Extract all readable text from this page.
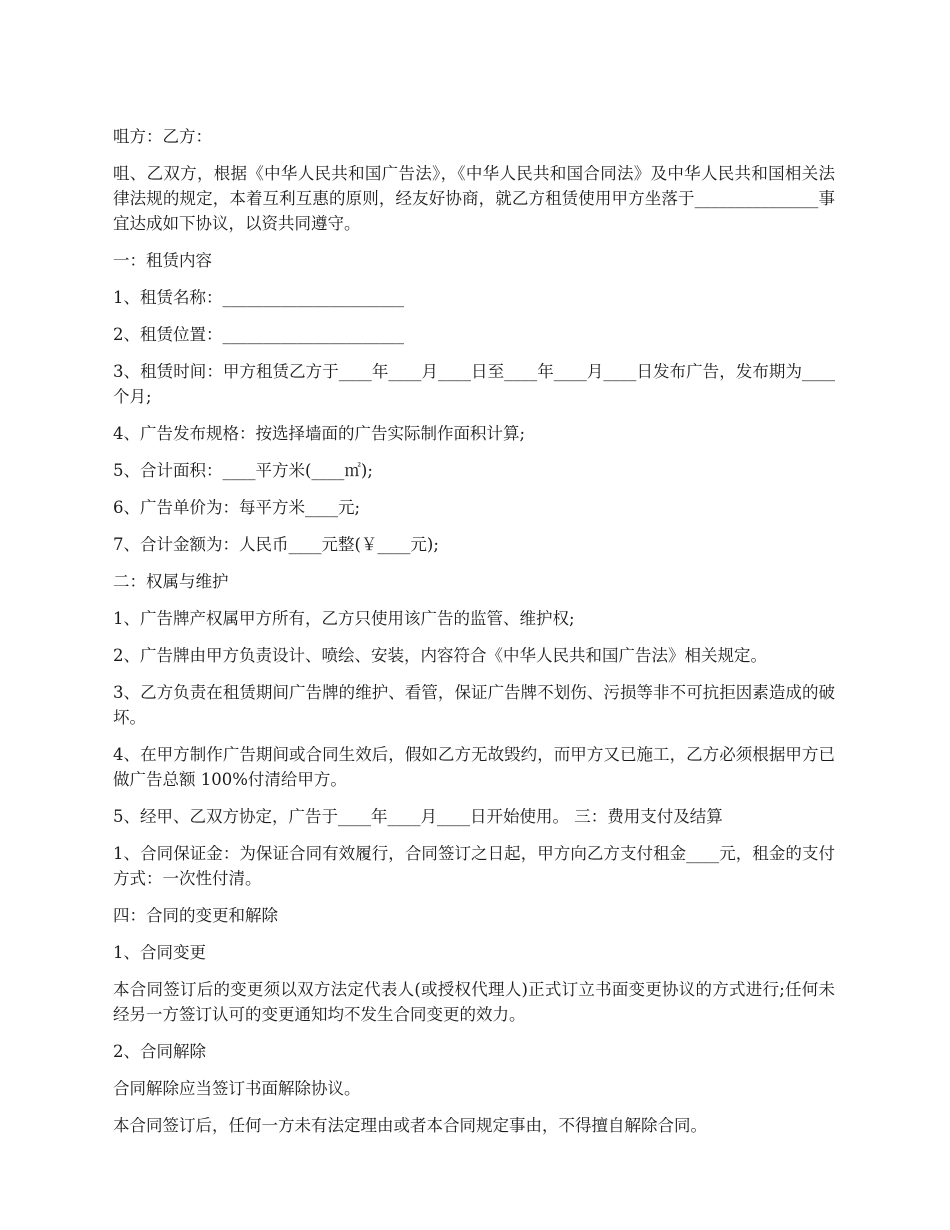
咀方：乙方：

咀、乙双方，根据《中华人民共和国广告法》，《中华人民共和国合同法》及中华人民共和国相关法律法规的规定，本着互利互惠的原则，经友好协商，就乙方租赁使用甲方坐落于_______________事宜达成如下协议，以资共同遵守。

一：租赁内容

1、租赁名称：______________________

2、租赁位置：______________________

3、租赁时间：甲方租赁乙方于____年____月____日至____年____月____日发布广告，发布期为____个月;

4、广告发布规格：按选择墙面的广告实际制作面积计算;

5、合计面积：____平方米(____㎡);

6、广告单价为：每平方米____元;

7、合计金额为：人民币____元整(￥____元);

二：权属与维护

1、广告牌产权属甲方所有，乙方只使用该广告的监管、维护权;

2、广告牌由甲方负责设计、喷绘、安装，内容符合《中华人民共和国广告法》相关规定。

3、乙方负责在租赁期间广告牌的维护、看管，保证广告牌不划伤、污损等非不可抗拒因素造成的破坏。

4、在甲方制作广告期间或合同生效后，假如乙方无故毁约，而甲方又已施工，乙方必须根据甲方已做广告总额 100%付清给甲方。

5、经甲、乙双方协定，广告于____年____月____日开始使用。 三：费用支付及结算

1、合同保证金：为保证合同有效履行，合同签订之日起，甲方向乙方支付租金____元，租金的支付方式：一次性付清。

四：合同的变更和解除

1、合同变更

本合同签订后的变更须以双方法定代表人(或授权代理人)正式订立书面变更协议的方式进行;任何未经另一方签订认可的变更通知均不发生合同变更的效力。

2、合同解除

合同解除应当签订书面解除协议。

本合同签订后，任何一方未有法定理由或者本合同规定事由，不得擅自解除合同。
